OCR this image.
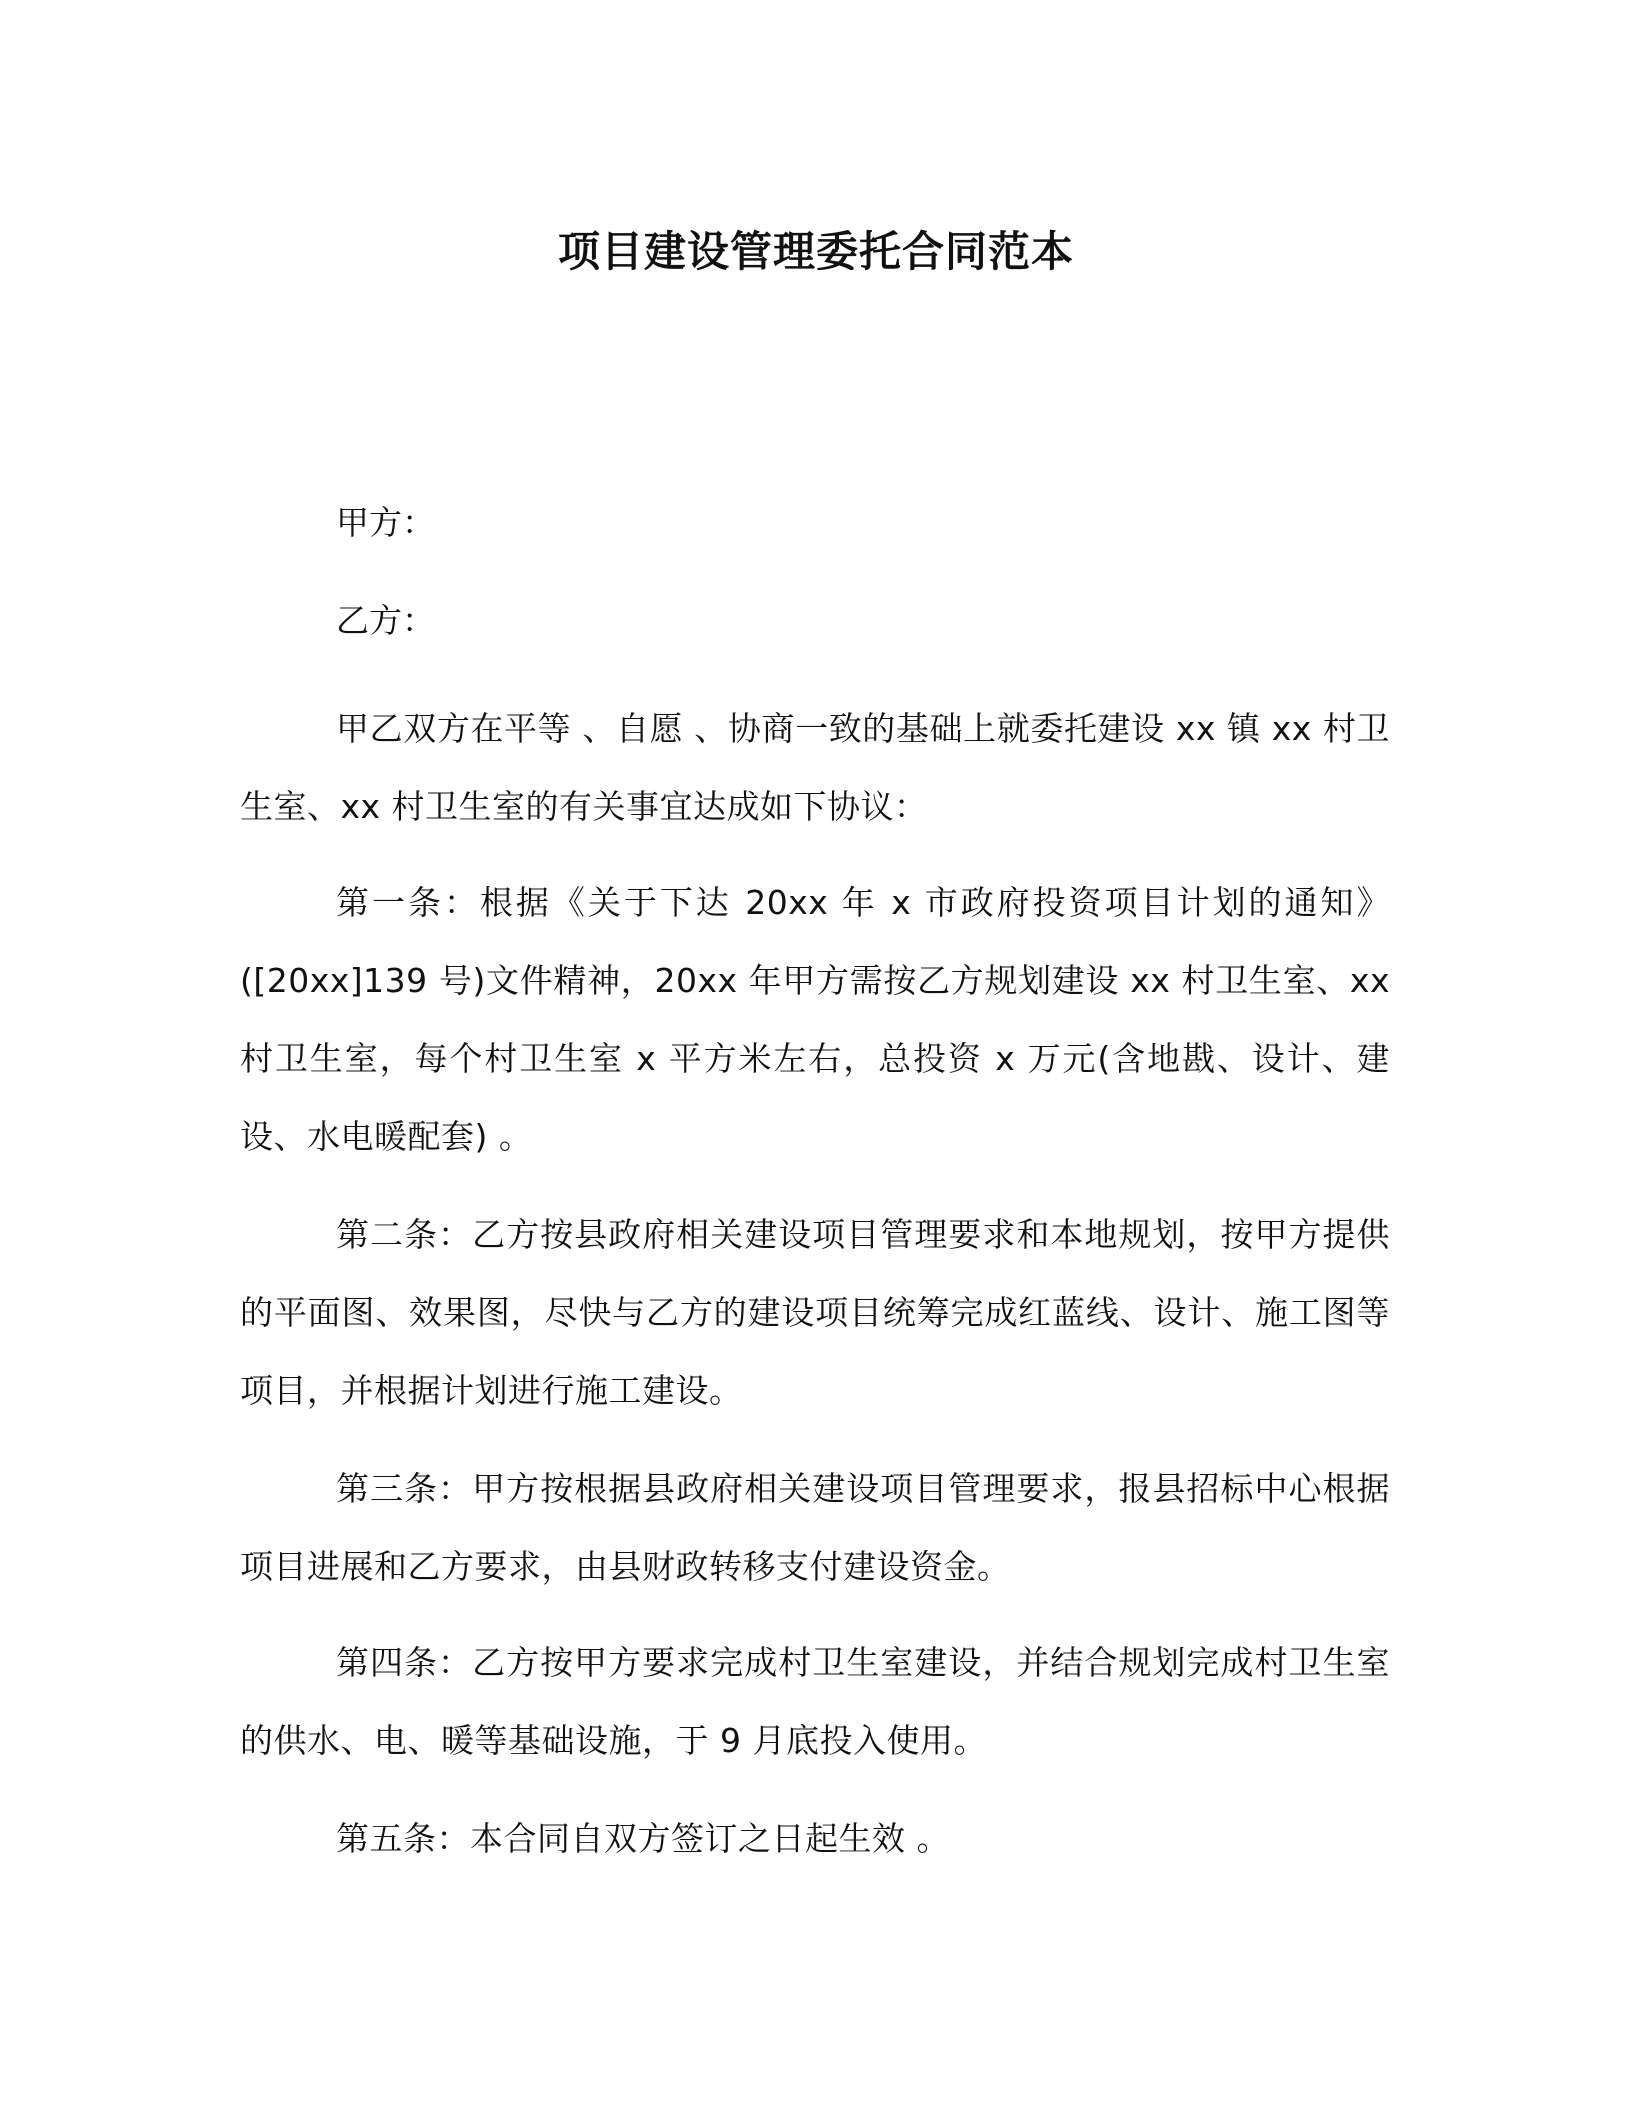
项目建设管理委托合同范本
甲方：
乙方：
甲乙双方在平等 、自愿 、协商一致的基础上就委托建设 xx 镇 xx 村卫生室、xx 村卫生室的有关事宜达成如下协议：
第一条：根据《关于下达 20xx 年 x 市政府投资项目计划的通知》([20xx]139 号)文件精神，20xx 年甲方需按乙方规划建设 xx 村卫生室、xx 村卫生室，每个村卫生室 x 平方米左右，总投资 x 万元(含地戡、设计、建设、水电暖配套) 。
第二条：乙方按县政府相关建设项目管理要求和本地规划，按甲方提供的平面图、效果图，尽快与乙方的建设项目统筹完成红蓝线、设计、施工图等项目，并根据计划进行施工建设。
第三条：甲方按根据县政府相关建设项目管理要求，报县招标中心根据项目进展和乙方要求，由县财政转移支付建设资金。
第四条：乙方按甲方要求完成村卫生室建设，并结合规划完成村卫生室的供水、电、暖等基础设施，于 9 月底投入使用。
第五条：本合同自双方签订之日起生效 。
